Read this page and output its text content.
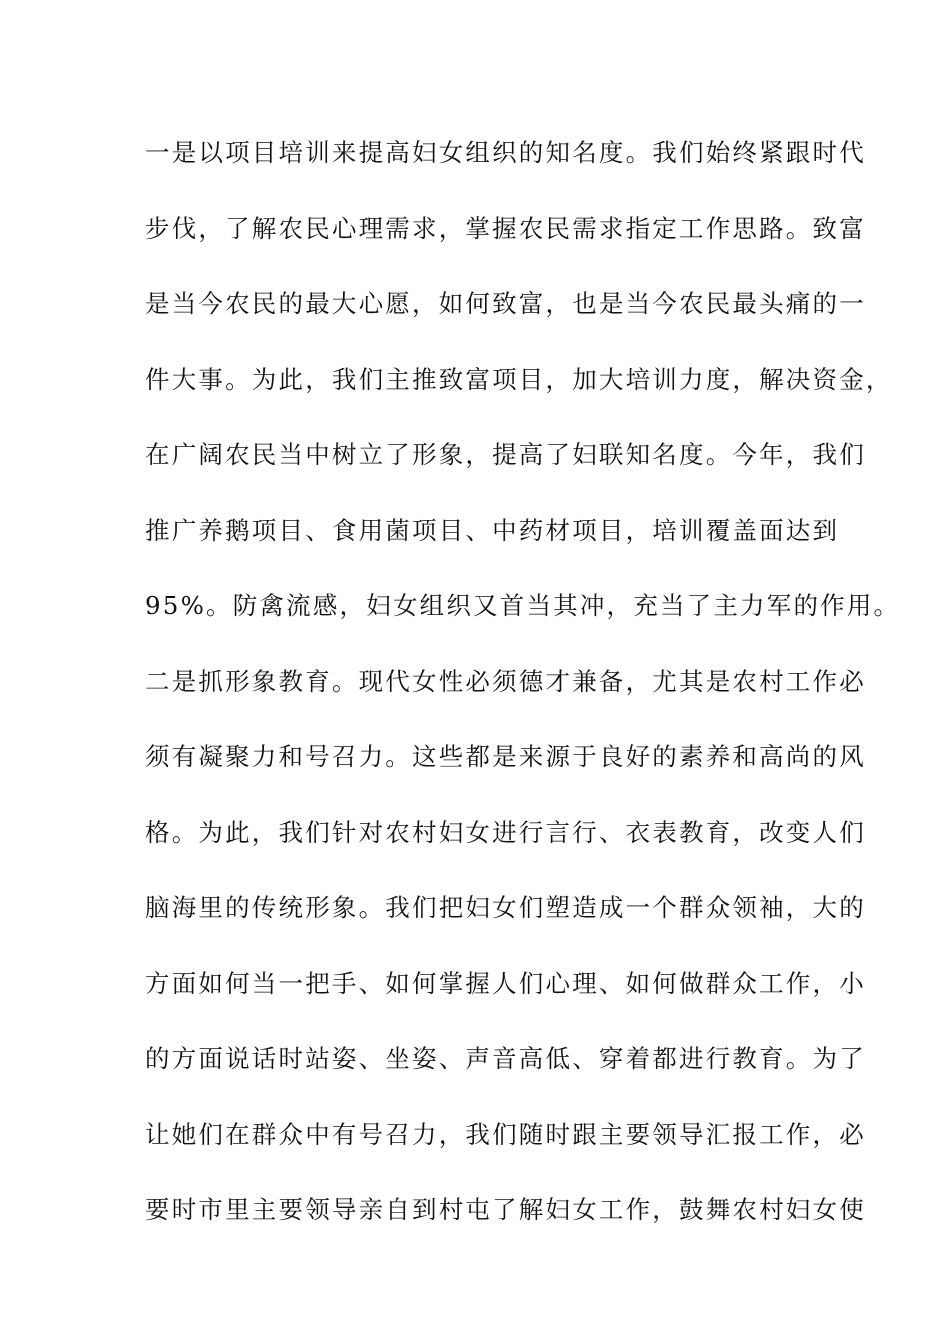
一是以项目培训来提高妇女组织的知名度。我们始终紧跟时代
步伐，了解农民心理需求，掌握农民需求指定工作思路。致富
是当今农民的最大心愿，如何致富，也是当今农民最头痛的一
件大事。为此，我们主推致富项目，加大培训力度，解决资金，
在广阔农民当中树立了形象，提高了妇联知名度。今年，我们
推广养鹅项目、食用菌项目、中药材项目，培训覆盖面达到
95%。防禽流感，妇女组织又首当其冲，充当了主力军的作用。
二是抓形象教育。现代女性必须德才兼备，尤其是农村工作必
须有凝聚力和号召力。这些都是来源于良好的素养和高尚的风
格。为此，我们针对农村妇女进行言行、衣表教育，改变人们
脑海里的传统形象。我们把妇女们塑造成一个群众领袖，大的
方面如何当一把手、如何掌握人们心理、如何做群众工作，小
的方面说话时站姿、坐姿、声音高低、穿着都进行教育。为了
让她们在群众中有号召力，我们随时跟主要领导汇报工作，必
要时市里主要领导亲自到村屯了解妇女工作，鼓舞农村妇女使
